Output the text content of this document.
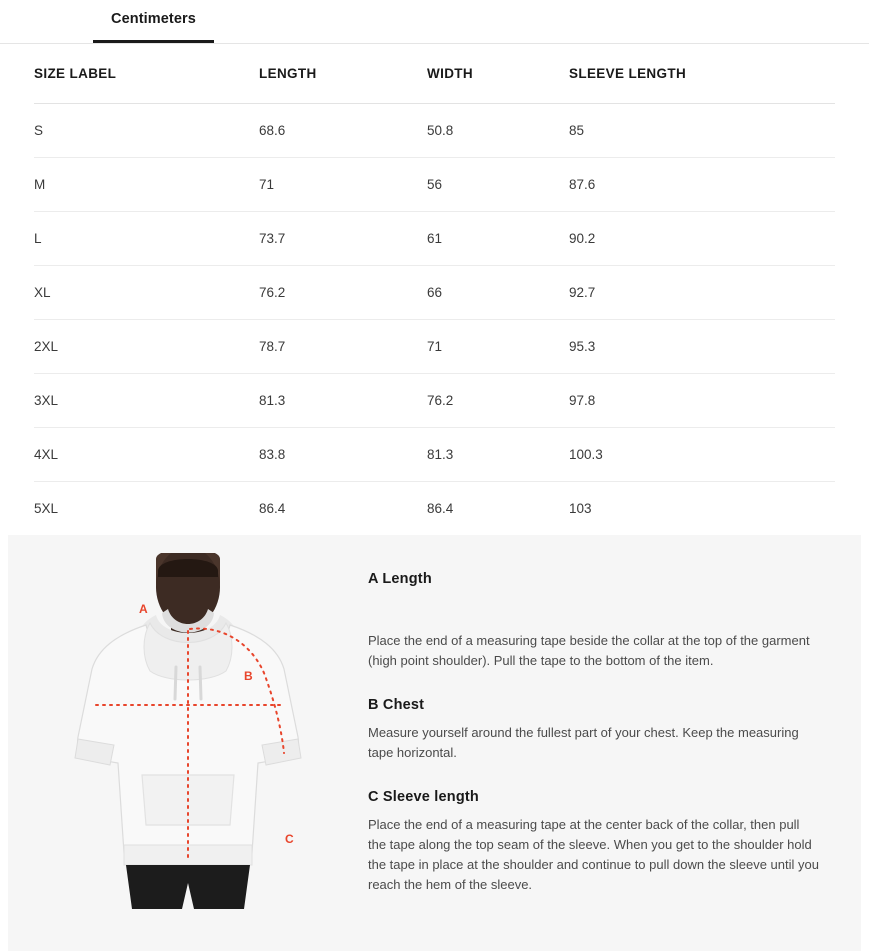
Centimeters
SIZE LABEL	LENGTH	WIDTH	SLEEVE LENGTH
S	68.6	50.8	85
M	71	56	87.6
L	73.7	61	90.2
XL	76.2	66	92.7
2XL	78.7	71	95.3
3XL	81.3	76.2	97.8
4XL	83.8	81.3	100.3
5XL	86.4	86.4	103
A
B
C
A Length

Place the end of a measuring tape beside the collar at the top of the garment (high point shoulder). Pull the tape to the bottom of the item.

B Chest

Measure yourself around the fullest part of your chest. Keep the measuring tape horizontal.

C Sleeve length

Place the end of a measuring tape at the center back of the collar, then pull the tape along the top seam of the sleeve. When you get to the shoulder hold the tape in place at the shoulder and continue to pull down the sleeve until you reach the hem of the sleeve.
